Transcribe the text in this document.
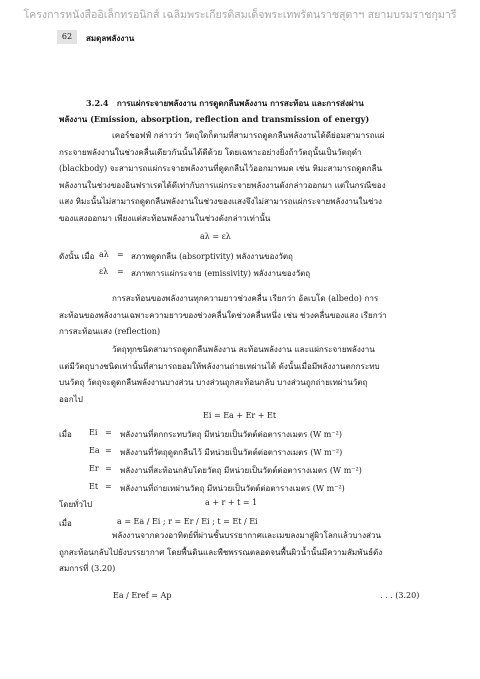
โครงการหนังสืออิเล็กทรอนิกส์ เฉลิมพระเกียรติสมเด็จพระเทพรัตนราชสุดาฯ สยามบรมราชกุมารี
62	สมดุลพลังงาน
3.2.4 การแผ่กระจายพลังงาน การดูดกลืนพลังงาน การสะท้อน และการส่งผ่าน
พลังงาน (Emission, absorption, reflection and transmission of energy)
เคอร์ชอฟฟ์ กล่าวว่า วัตถุใดก็ตามที่สามารถดูดกลืนพลังงานได้ดีย่อมสามารถแผ่
กระจายพลังงานในช่วงคลื่นเดียวกันนั้นได้ดีด้วย โดยเฉพาะอย่างยิ่งถ้าวัตถุนั้นเป็นวัตถุดำ
(blackbody) จะสามารถแผ่กระจายพลังงานที่ดูดกลืนไว้ออกมาหมด เช่น หิมะสามารถดูดกลืน
พลังงานในช่วงของอินฟราเรดได้ดีเท่ากับการแผ่กระจายพลังงานดังกล่าวออกมา แต่ในกรณีของ
แสง หิมะนั้นไม่สามารถดูดกลืนพลังงานในช่วงของแสงจึงไม่สามารถแผ่กระจายพลังงานในช่วง
ของแสงออกมา เพียงแต่สะท้อนพลังงานในช่วงดังกล่าวเท่านั้น
aλ = ελ
ดังนั้น เมื่อ aλ = สภาพดูดกลืน (absorptivity) พลังงานของวัตถุ
ελ = สภาพการแผ่กระจาย (emissivity) พลังงานของวัตถุ
การสะท้อนของพลังงานทุกความยาวช่วงคลื่น เรียกว่า อัลเบโด (albedo) การ
สะท้อนของพลังงานเฉพาะความยาวของช่วงคลื่นใดช่วงคลื่นหนึ่ง เช่น ช่วงคลื่นของแสง เรียกว่า
การสะท้อนแสง (reflection)
วัตถุทุกชนิดสามารถดูดกลืนพลังงาน สะท้อนพลังงาน และแผ่กระจายพลังงาน
แต่มีวัตถุบางชนิดเท่านั้นที่สามารถยอมให้พลังงานถ่ายเทผ่านได้ ดังนั้นเมื่อมีพลังงานตกกระทบ
บนวัตถุ วัตถุจะดูดกลืนพลังงานบางส่วน บางส่วนถูกสะท้อนกลับ บางส่วนถูกถ่ายเทผ่านวัตถุ
ออกไป
Ei = Ea + Er + Et
เมื่อ Ei = พลังงานที่ตกกระทบวัตถุ มีหน่วยเป็นวัตต์ต่อตารางเมตร (W m⁻²)
Ea = พลังงานที่วัตถุดูดกลืนไว้ มีหน่วยเป็นวัตต์ต่อตารางเมตร (W m⁻²)
Er = พลังงานที่สะท้อนกลับโดยวัตถุ มีหน่วยเป็นวัตต์ต่อตารางเมตร (W m⁻²)
Et = พลังงานที่ถ่ายเทผ่านวัตถุ มีหน่วยเป็นวัตต์ต่อตารางเมตร (W m⁻²)
โดยทั่วไป	a + r + t = 1
เมื่อ	a = Ea / Ei ; r = Er / Ei ; t = Et / Ei
พลังงานจากดวงอาทิตย์ที่ผ่านชั้นบรรยากาศและเมฆลงมาสู่ผิวโลกแล้วบางส่วน
ถูกสะท้อนกลับไปยังบรรยากาศ โดยพื้นดินและพืชพรรณตลอดจนพื้นผิวน้ำนั้นมีความสัมพันธ์ดัง
สมการที่ (3.20)
Ea / Eref = Ap	. . . (3.20)
